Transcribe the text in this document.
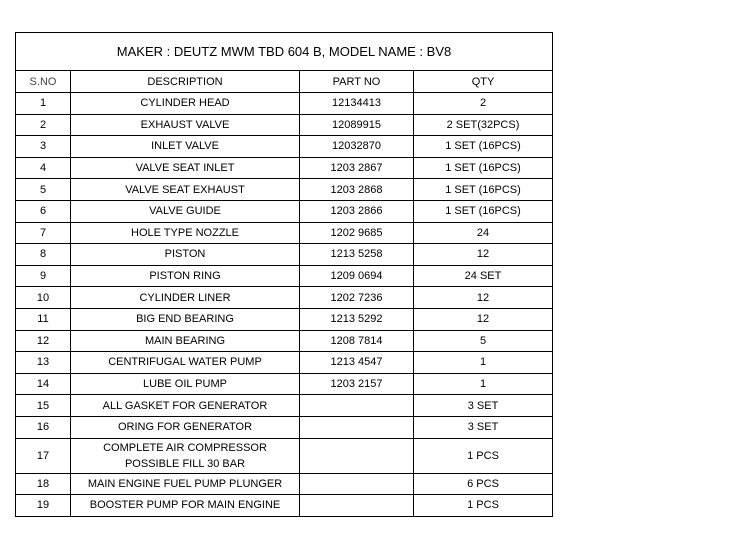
MAKER : DEUTZ MWM TBD 604 B, MODEL NAME : BV8			
S.NO	DESCRIPTION	PART NO	QTY
1	CYLINDER HEAD	12134413	2
2	EXHAUST VALVE	12089915	2 SET(32PCS)
3	INLET VALVE	12032870	1 SET (16PCS)
4	VALVE SEAT INLET	1203 2867	1 SET (16PCS)
5	VALVE SEAT EXHAUST	1203 2868	1 SET (16PCS)
6	VALVE GUIDE	1203 2866	1 SET (16PCS)
7	HOLE TYPE NOZZLE	1202 9685	24
8	PISTON	1213 5258	12
9	PISTON RING	1209 0694	24 SET
10	CYLINDER LINER	1202 7236	12
11	BIG END BEARING	1213 5292	12
12	MAIN BEARING	1208 7814	5
13	CENTRIFUGAL WATER PUMP	1213 4547	1
14	LUBE OIL PUMP	1203 2157	1
15	ALL GASKET FOR GENERATOR		3 SET
16	ORING FOR GENERATOR		3 SET
17	COMPLETE AIR COMPRESSOR POSSIBLE FILL 30 BAR		1 PCS
18	MAIN ENGINE FUEL PUMP PLUNGER		6 PCS
19	BOOSTER PUMP FOR MAIN ENGINE		1 PCS
